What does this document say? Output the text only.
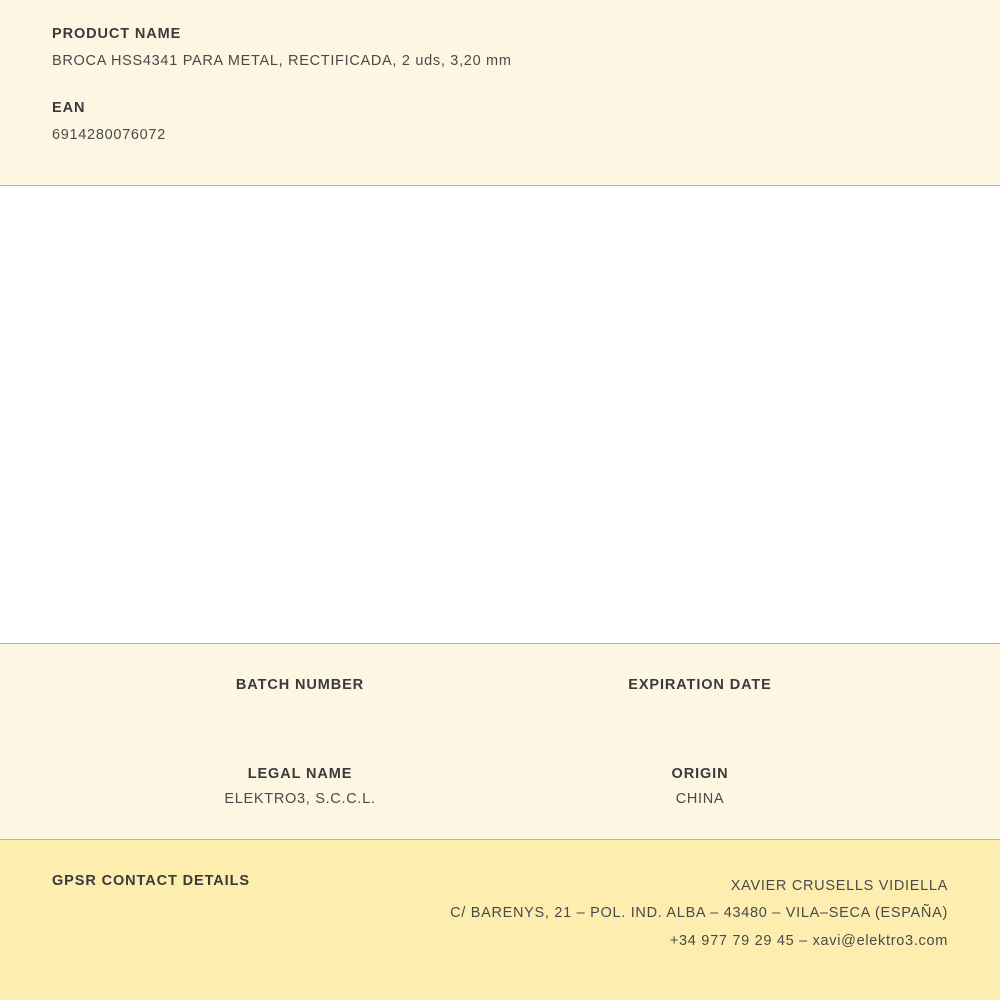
PRODUCT NAME

BROCA HSS4341 PARA METAL, RECTIFICADA, 2 uds, 3,20 mm

EAN

6914280076072

BATCH NUMBER	EXPIRATION DATE

LEGAL NAME

ELEKTRO3, S.C.C.L.

ORIGIN

CHINA

GPSR CONTACT DETAILS	XAVIER CRUSELLS VIDIELLA
C/ BARENYS, 21 – POL. IND. ALBA – 43480 – VILA–SECA (ESPAÑA)
+34 977 79 29 45 – xavi@elektro3.com
